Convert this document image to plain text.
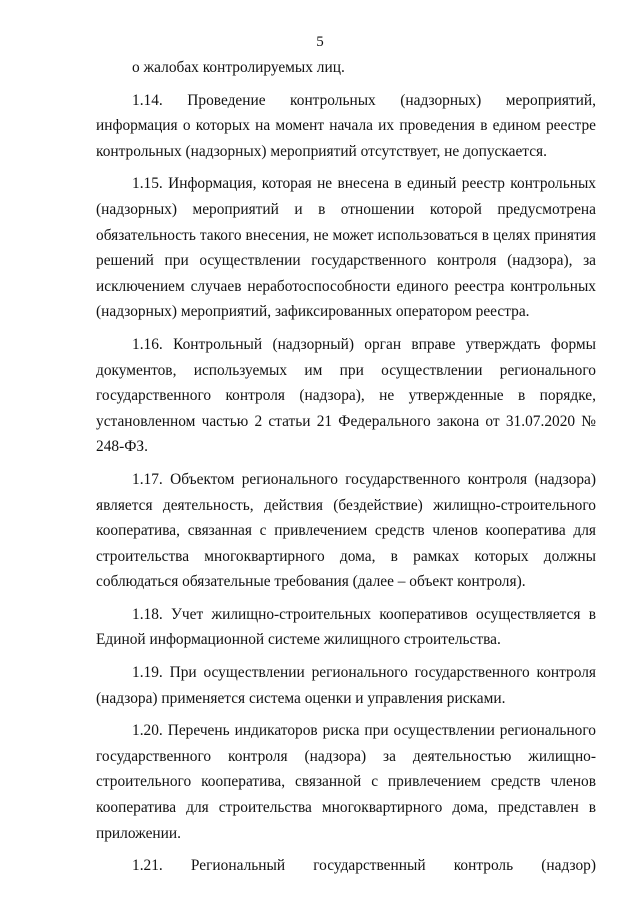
5

о жалобах контролируемых лиц.

1.14. Проведение контрольных (надзорных) мероприятий, информация о которых на момент начала их проведения в едином реестре контрольных (надзорных) мероприятий отсутствует, не допускается.

1.15. Информация, которая не внесена в единый реестр контрольных (надзорных) мероприятий и в отношении которой предусмотрена обязательность такого внесения, не может использоваться в целях принятия решений при осуществлении государственного контроля (надзора), за исключением случаев неработоспособности единого реестра контрольных (надзорных) мероприятий, зафиксированных оператором реестра.

1.16. Контрольный (надзорный) орган вправе утверждать формы документов, используемых им при осуществлении регионального государственного контроля (надзора), не утвержденные в порядке, установленном частью 2 статьи 21 Федерального закона от 31.07.2020 № 248-ФЗ.

1.17. Объектом регионального государственного контроля (надзора) является деятельность, действия (бездействие) жилищно-строительного кооператива, связанная с привлечением средств членов кооператива для строительства многоквартирного дома, в рамках которых должны соблюдаться обязательные требования (далее – объект контроля).

1.18. Учет жилищно-строительных кооперативов осуществляется в Единой информационной системе жилищного строительства.

1.19. При осуществлении регионального государственного контроля (надзора) применяется система оценки и управления рисками.

1.20. Перечень индикаторов риска при осуществлении регионального государственного контроля (надзора) за деятельностью жилищно-строительного кооператива, связанной с привлечением средств членов кооператива для строительства многоквартирного дома, представлен в приложении.

1.21. Региональный государственный контроль (надзор)
